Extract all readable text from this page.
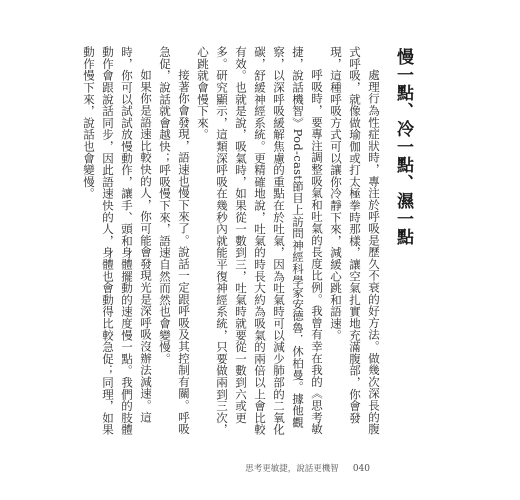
慢一點、冷一點、濕一點

處理行為性症狀時，專注於呼吸是歷久不衰的好方法。做幾次深長的腹式呼吸，就像做瑜伽或打太極拳時那樣，讓空氣扎實地充滿腹部，你會發現，這種呼吸方式可以讓你冷靜下來，減緩心跳和語速。

呼吸時，要專注調整吸氣和吐氣的長度比例。我曾有幸在我的《思考敏捷，說話機智》Pod-cast節目上訪問神經科學家安德魯．休柏曼。據他觀察，以深呼吸緩解焦慮的重點在於吐氣，因為吐氣時可以減少肺部的二氧化碳，舒緩神經系統。更精確地說，吐氣的時長大約為吸氣的兩倍以上會比較有效。也就是說，吸氣時，如果從一數到三，吐氣時就要從一數到六或更多。研究顯示，這類深呼吸在幾秒內就能平復神經系統，只要做兩到三次，心跳就會慢下來。

接著你會發現，語速也慢下來了。說話一定跟呼吸及其控制有關。呼吸急促，說話就會越快；呼吸慢下來，語速自然而然也會變慢。

如果你是語速比較快的人，你可能會發現光是深呼吸沒辦法減速。這時，你可以試試放慢動作，讓手、頭和身體擺動的速度慢一點。我們的肢體動作會跟說話同步，因此語速快的人，身體也會動得比較急促；同理，如果動作慢下來，說話也會變慢。

思考更敏捷，說話更機智 040
